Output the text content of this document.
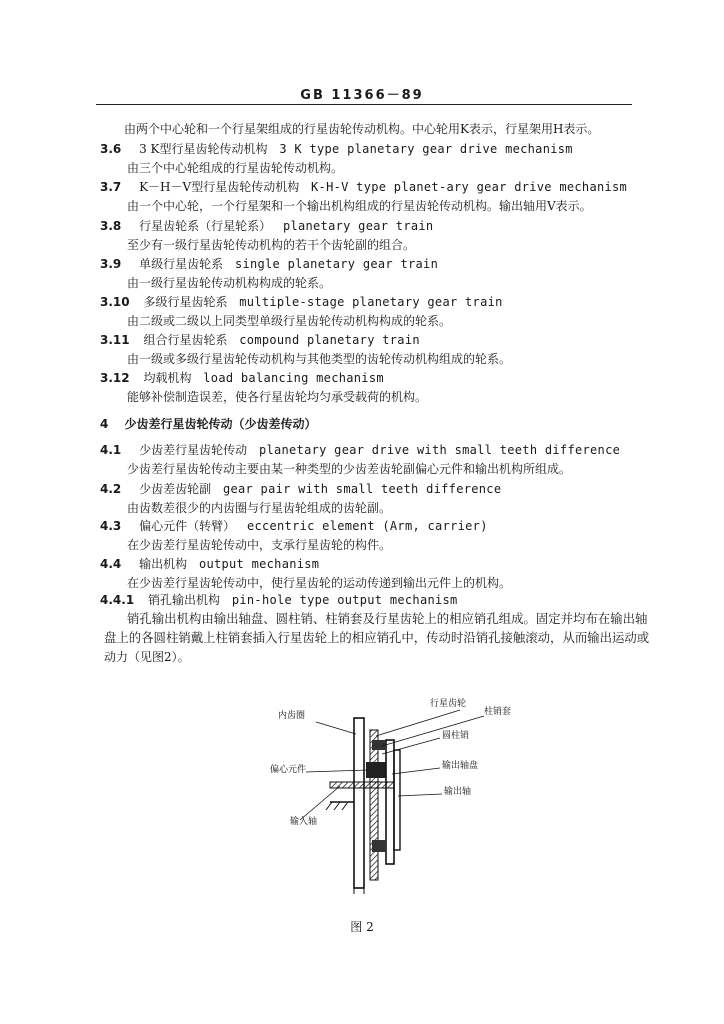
GB 11366－89
由两个中心轮和一个行星架组成的行星齿轮传动机构。中心轮用K表示，行星架用H表示。
3.6 3 K型行星齿轮传动机构 3 K type planetary gear drive mechanism
由三个中心轮组成的行星齿轮传动机构。
3.7 K－H－V型行星齿轮传动机构 K-H-V type planet-ary gear drive mechanism
由一个中心轮，一个行星架和一个输出机构组成的行星齿轮传动机构。输出轴用V表示。
3.8 行星齿轮系（行星轮系） planetary gear train
至少有一级行星齿轮传动机构的若干个齿轮副的组合。
3.9 单级行星齿轮系 single planetary gear train
由一级行星齿轮传动机构构成的轮系。
3.10 多级行星齿轮系 multiple-stage planetary gear train
由二级或二级以上同类型单级行星齿轮传动机构构成的轮系。
3.11 组合行星齿轮系 compound planetary train
由一级或多级行星齿轮传动机构与其他类型的齿轮传动机构组成的轮系。
3.12 均载机构 load balancing mechanism
能够补偿制造误差，使各行星齿轮均匀承受载荷的机构。
4 少齿差行星齿轮传动（少齿差传动）
4.1 少齿差行星齿轮传动 planetary gear drive with small teeth difference
少齿差行星齿轮传动主要由某一种类型的少齿差齿轮副偏心元件和输出机构所组成。
4.2 少齿差齿轮副 gear pair with small teeth difference
由齿数差很少的内齿圈与行星齿轮组成的齿轮副。
4.3 偏心元件（转臂） eccentric element (Arm, carrier)
在少齿差行星齿轮传动中，支承行星齿轮的构件。
4.4 输出机构 output mechanism
在少齿差行星齿轮传动中，使行星齿轮的运动传递到输出元件上的机构。
4.4.1 销孔输出机构 pin-hole type output mechanism
销孔输出机构由输出轴盘、圆柱销、柱销套及行星齿轮上的相应销孔组成。固定并均布在输出轴
盘上的各圆柱销戴上柱销套插入行星齿轮上的相应销孔中，传动时沿销孔接触滚动，从而输出运动或
动力（见图2）。
内齿圈
行星齿轮
柱销套
圆柱销
偏心元件	输出轴盘
输出轴
输入轴
图 2
